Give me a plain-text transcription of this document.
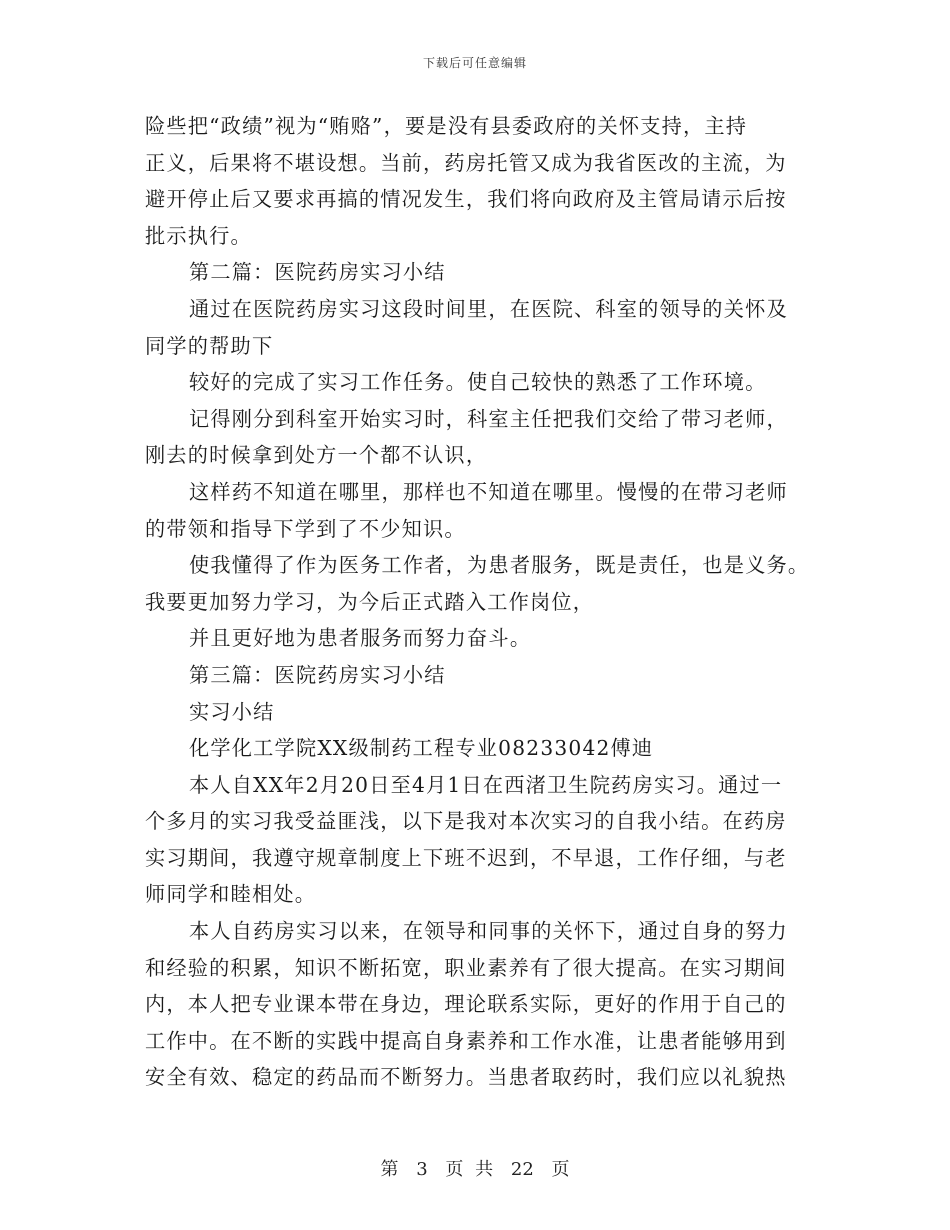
下载后可任意编辑
险些把“政绩”视为“贿赂”，要是没有县委政府的关怀支持，主持
正义，后果将不堪设想。当前，药房托管又成为我省医改的主流，为
避开停止后又要求再搞的情况发生，我们将向政府及主管局请示后按
批示执行。
第二篇：医院药房实习小结
通过在医院药房实习这段时间里，在医院、科室的领导的关怀及
同学的帮助下
较好的完成了实习工作任务。使自己较快的熟悉了工作环境。
记得刚分到科室开始实习时，科室主任把我们交给了带习老师，
刚去的时候拿到处方一个都不认识，
这样药不知道在哪里，那样也不知道在哪里。慢慢的在带习老师
的带领和指导下学到了不少知识。
使我懂得了作为医务工作者，为患者服务，既是责任，也是义务。
我要更加努力学习，为今后正式踏入工作岗位，
并且更好地为患者服务而努力奋斗。
第三篇：医院药房实习小结
实习小结
化学化工学院XX级制药工程专业08233042傅迪
本人自XX年2月20日至4月1日在西渚卫生院药房实习。通过一
个多月的实习我受益匪浅，以下是我对本次实习的自我小结。在药房
实习期间，我遵守规章制度上下班不迟到，不早退，工作仔细，与老
师同学和睦相处。
本人自药房实习以来，在领导和同事的关怀下，通过自身的努力
和经验的积累，知识不断拓宽，职业素养有了很大提高。在实习期间
内，本人把专业课本带在身边，理论联系实际，更好的作用于自己的
工作中。在不断的实践中提高自身素养和工作水准，让患者能够用到
安全有效、稳定的药品而不断努力。当患者取药时，我们应以礼貌热
第 3 页 共 22 页
